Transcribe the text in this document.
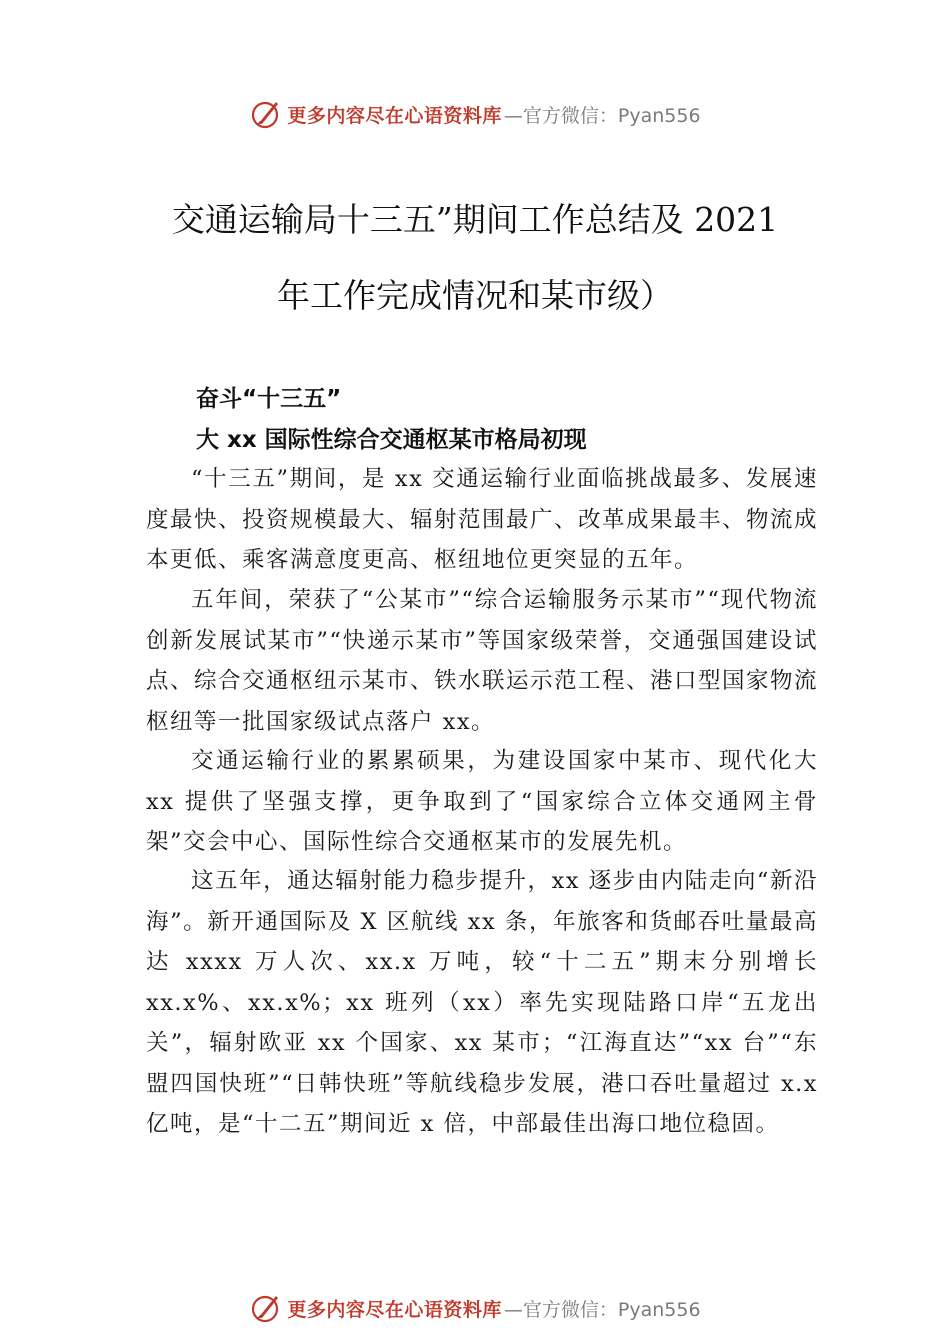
更多内容尽在心语资料库 —官方微信：Pyan556
交通运输局十三五”期间工作总结及 2021
年工作完成情况和某市级）
奋斗“十三五”
大 xx 国际性综合交通枢某市格局初现

“十三五”期间，是 xx 交通运输行业面临挑战最多、发展速度最快、投资规模最大、辐射范围最广、改革成果最丰、物流成本更低、乘客满意度更高、枢纽地位更突显的五年。

五年间，荣获了“公某市”“综合运输服务示某市”“现代物流创新发展试某市”“快递示某市”等国家级荣誉，交通强国建设试点、综合交通枢纽示某市、铁水联运示范工程、港口型国家物流枢纽等一批国家级试点落户 xx。

交通运输行业的累累硕果，为建设国家中某市、现代化大 xx 提供了坚强支撑，更争取到了“国家综合立体交通网主骨架”交会中心、国际性综合交通枢某市的发展先机。

这五年，通达辐射能力稳步提升，xx 逐步由内陆走向“新沿海”。新开通国际及 X 区航线 xx 条，年旅客和货邮吞吐量最高达 xxxx 万人次、xx.x 万吨，较“十二五”期末分别增长 xx.x%、xx.x%；xx 班列（xx）率先实现陆路口岸“五龙出关”，辐射欧亚 xx 个国家、xx 某市；“江海直达”“xx 台”“东盟四国快班”“日韩快班”等航线稳步发展，港口吞吐量超过 x.x 亿吨，是“十二五”期间近 x 倍，中部最佳出海口地位稳固。

更多内容尽在心语资料库 —官方微信：Pyan556
